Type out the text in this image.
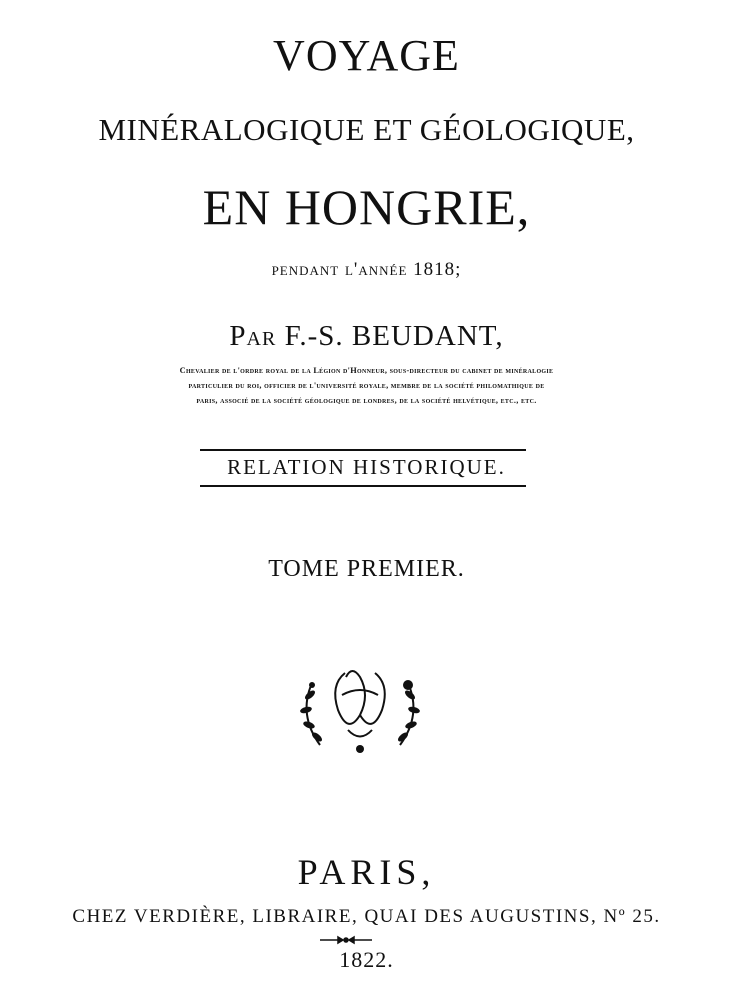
VOYAGE
MINÉRALOGIQUE ET GÉOLOGIQUE,
EN HONGRIE,
pendant l'année 1818;
Par F.-S. BEUDANT,
Chevalier de l'ordre royal de la Légion d'Honneur, sous-directeur du cabinet de minéralogie
particulier du roi, officier de l'université royale, membre de la société philomathique de
paris, associé de la société géologique de londres, de la société helvétique, etc., etc.
RELATION HISTORIQUE.
TOME PREMIER.
PARIS,
CHEZ VERDIÈRE, LIBRAIRE, QUAI DES AUGUSTINS, Nº 25.
1822.
